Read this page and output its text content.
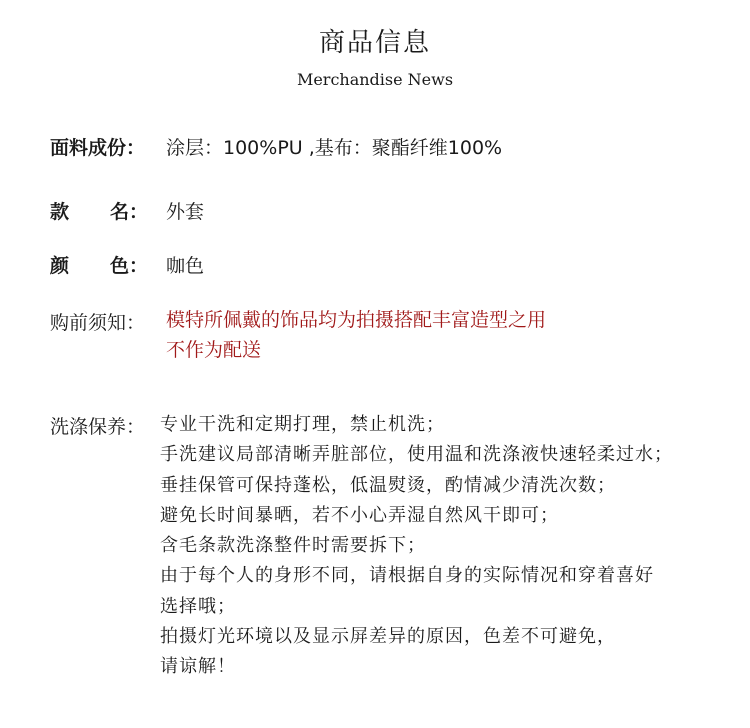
商品信息
Merchandise News
面料成份： 涂层：100%PU ,基布：聚酯纤维100%
款 名： 外套
颜 色： 咖色
购前须知： 模特所佩戴的饰品均为拍摄搭配丰富造型之用
不作为配送
洗涤保养： 专业干洗和定期打理，禁止机洗；
手洗建议局部清晰弄脏部位，使用温和洗涤液快速轻柔过水；
垂挂保管可保持蓬松，低温熨烫，酌情减少清洗次数；
避免长时间暴晒，若不小心弄湿自然风干即可；
含毛条款洗涤整件时需要拆下；
由于每个人的身形不同，请根据自身的实际情况和穿着喜好
选择哦；
拍摄灯光环境以及显示屏差异的原因，色差不可避免，
请谅解！
